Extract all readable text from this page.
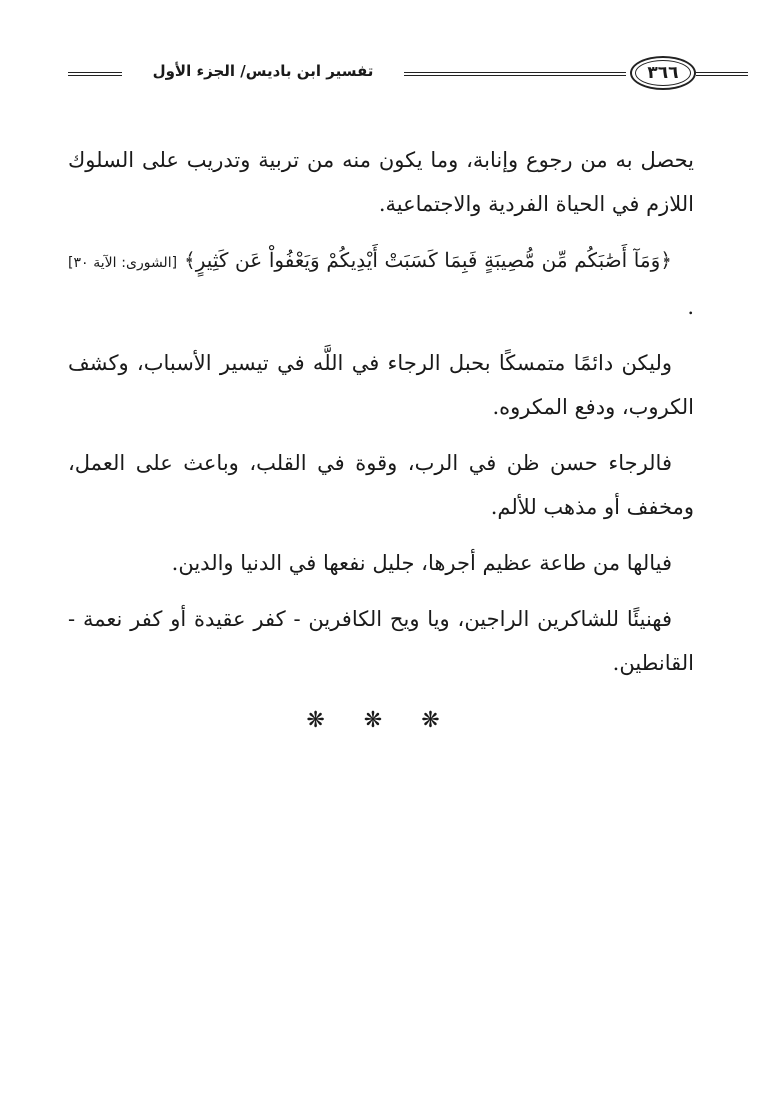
تفسير ابن باديس/ الجزء الأول	٣٦٦

يحصل به من رجوع وإنابة، وما يكون منه من تربية وتدريب على السلوك اللازم في الحياة الفردية والاجتماعية.

﴿وَمَآ أَصَٰبَكُم مِّن مُّصِيبَةٍ فَبِمَا كَسَبَتْ أَيْدِيكُمْ وَيَعْفُواْ عَن كَثِيرٍ﴾ [الشورى: الآية ٣٠] .

وليكن دائمًا متمسكًا بحبل الرجاء في اللَّه في تيسير الأسباب، وكشف الكروب، ودفع المكروه.

فالرجاء حسن ظن في الرب، وقوة في القلب، وباعث على العمل، ومخفف أو مذهب للألم.

فيالها من طاعة عظيم أجرها، جليل نفعها في الدنيا والدين.

فهنيئًا للشاكرين الراجين، ويا ويح الكافرين - كفر عقيدة أو كفر نعمة - القانطين.

❋ ❋ ❋
